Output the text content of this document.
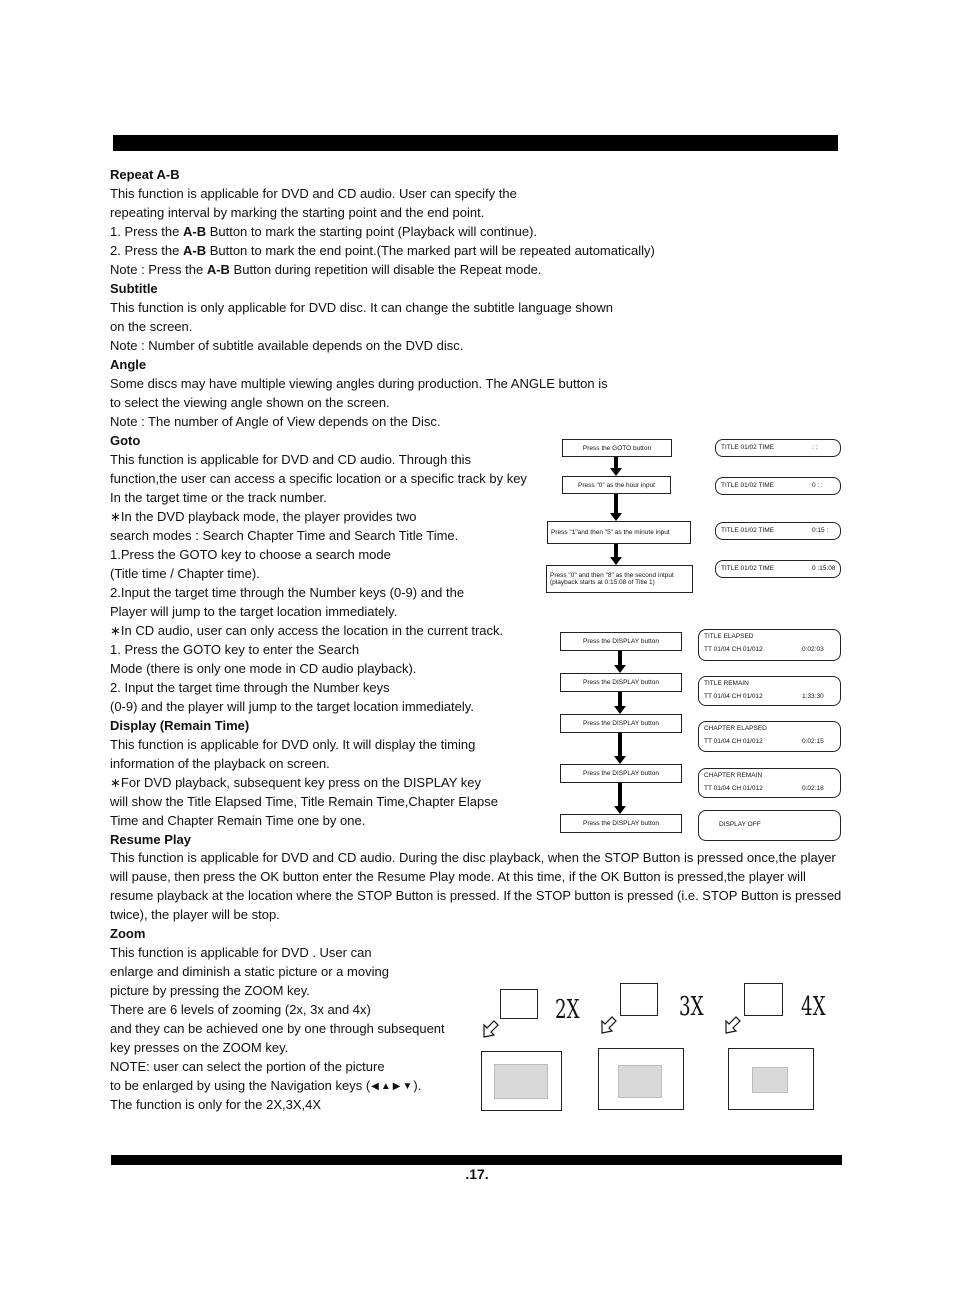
Repeat A-B
This function is applicable for DVD and CD audio. User can specify the
repeating interval by marking the starting point and the end point.
1. Press the A-B Button to mark the starting point (Playback will continue).
2. Press the A-B Button to mark the end point.(The marked part will be repeated automatically)
Note : Press the A-B Button during repetition will disable the Repeat mode.
Subtitle
This function is only applicable for DVD disc. It can change the subtitle language shown
on the screen.
Note : Number of subtitle available depends on the DVD disc.
Angle
Some discs may have multiple viewing angles during production. The ANGLE button is
to select the viewing angle shown on the screen.
Note : The number of Angle of View depends on the Disc.
Goto
This function is applicable for DVD and CD audio. Through this
function,the user can access a specific location or a specific track by key
In the target time or the track number.
∗In the DVD playback mode, the player provides two
search modes : Search Chapter Time and Search Title Time.
1.Press the GOTO key to choose a search mode
(Title time / Chapter time).
2.Input the target time through the Number keys (0-9) and the
Player will jump to the target location immediately.
∗In CD audio, user can only access the location in the current track.
1. Press the GOTO key to enter the Search
Mode (there is only one mode in CD audio playback).
2. Input the target time through the Number keys
(0-9) and the player will jump to the target location immediately.
Display (Remain Time)
This function is applicable for DVD only. It will display the timing
information of the playback on screen.
∗For DVD playback, subsequent key press on the DISPLAY key
will show the Title Elapsed Time, Title Remain Time,Chapter Elapse
Time and Chapter Remain Time one by one.
Resume Play
This function is applicable for DVD and CD audio. During the disc playback, when the STOP Button is pressed once,the player will pause, then press the OK button enter the Resume Play mode. At this time, if the OK Button is pressed,the player will resume playback at the location where the STOP Button is pressed. If the STOP button is pressed (i.e. STOP Button is pressed twice), the player will be stop.
Zoom
This function is applicable for DVD . User can
enlarge and diminish a static picture or a moving
picture by pressing the ZOOM key.
There are 6 levels of zooming (2x, 3x and 4x)
and they can be achieved one by one through subsequent
key presses on the ZOOM key.
NOTE: user can select the portion of the picture
to be enlarged by using the Navigation keys (◀ ▲ ▶ ▼).
The function is only for the 2X,3X,4X
Press the GOTO button
Press "0" as the hour input
Press "1"and then "5" as the minute input
Press "0" and then "8" as the second intput (playback starts at 0:15:08 of Title 1)
TITLE 01/02 TIME	: :
TITLE 01/02 TIME	0 : :
TITLE 01/02 TIME	0:15 :
TITLE 01/02 TIME	0 :15:08
Press the DISPLAY button
Press the DISPLAY button
Press the DISPLAY button
Press the DISPLAY button
Press the DISPLAY button
TITLE ELAPSED
TT 01/04 CH 01/012	0:02:03
TITLE REMAIN
TT 01/04 CH 01/012	1:33:30
CHAPTER ELAPSED
TT 01/04 CH 01/012	0:02:15
CHAPTER REMAIN
TT 01/04 CH 01/012	0:02:18
DISPLAY OFF
2X	3X	4X
.17.
